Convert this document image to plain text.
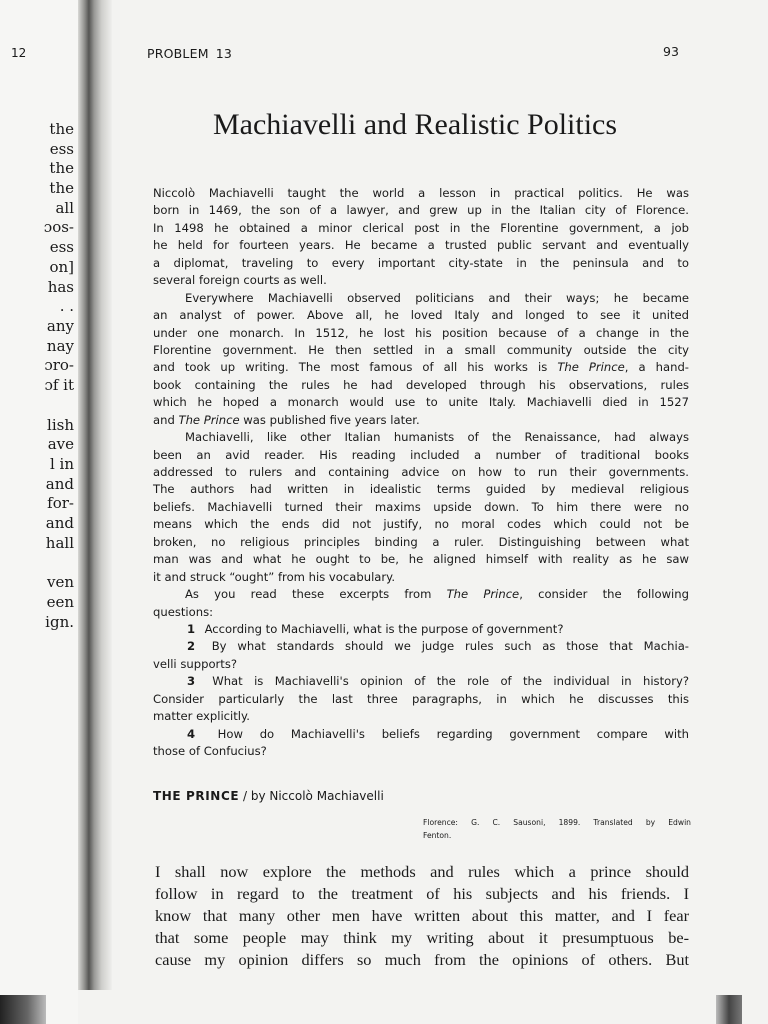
12
the
ess
the
the
all
ɔos-
ess
on]
has
. .
any
nay
ɔro-
ɔf it
lish
ave
l in
and
for-
and
hall
ven
een
ign.
PROBLEM 13	93
Machiavelli and Realistic Politics
Niccolò Machiavelli taught the world a lesson in practical politics. He was
born in 1469, the son of a lawyer, and grew up in the Italian city of Florence.
In 1498 he obtained a minor clerical post in the Florentine government, a job
he held for fourteen years. He became a trusted public servant and eventually
a diplomat, traveling to every important city-state in the peninsula and to
several foreign courts as well.
Everywhere Machiavelli observed politicians and their ways; he became
an analyst of power. Above all, he loved Italy and longed to see it united
under one monarch. In 1512, he lost his position because of a change in the
Florentine government. He then settled in a small community outside the city
and took up writing. The most famous of all his works is The Prince, a hand-
book containing the rules he had developed through his observations, rules
which he hoped a monarch would use to unite Italy. Machiavelli died in 1527
and The Prince was published five years later.
Machiavelli, like other Italian humanists of the Renaissance, had always
been an avid reader. His reading included a number of traditional books
addressed to rulers and containing advice on how to run their governments.
The authors had written in idealistic terms guided by medieval religious
beliefs. Machiavelli turned their maxims upside down. To him there were no
means which the ends did not justify, no moral codes which could not be
broken, no religious principles binding a ruler. Distinguishing between what
man was and what he ought to be, he aligned himself with reality as he saw
it and struck “ought” from his vocabulary.
As you read these excerpts from The Prince, consider the following
questions:
1  According to Machiavelli, what is the purpose of government?
2  By what standards should we judge rules such as those that Machia-
velli supports?
3  What is Machiavelli's opinion of the role of the individual in history?
Consider particularly the last three paragraphs, in which he discusses this
matter explicitly.
4  How do Machiavelli's beliefs regarding government compare with
those of Confucius?
THE PRINCE / by Niccolò Machiavelli
Florence: G. C. Sausoni, 1899. Translated by Edwin
Fenton.
I shall now explore the methods and rules which a prince should
follow in regard to the treatment of his subjects and his friends. I
know that many other men have written about this matter, and I fear
that some people may think my writing about it presumptuous be-
cause my opinion differs so much from the opinions of others. But
